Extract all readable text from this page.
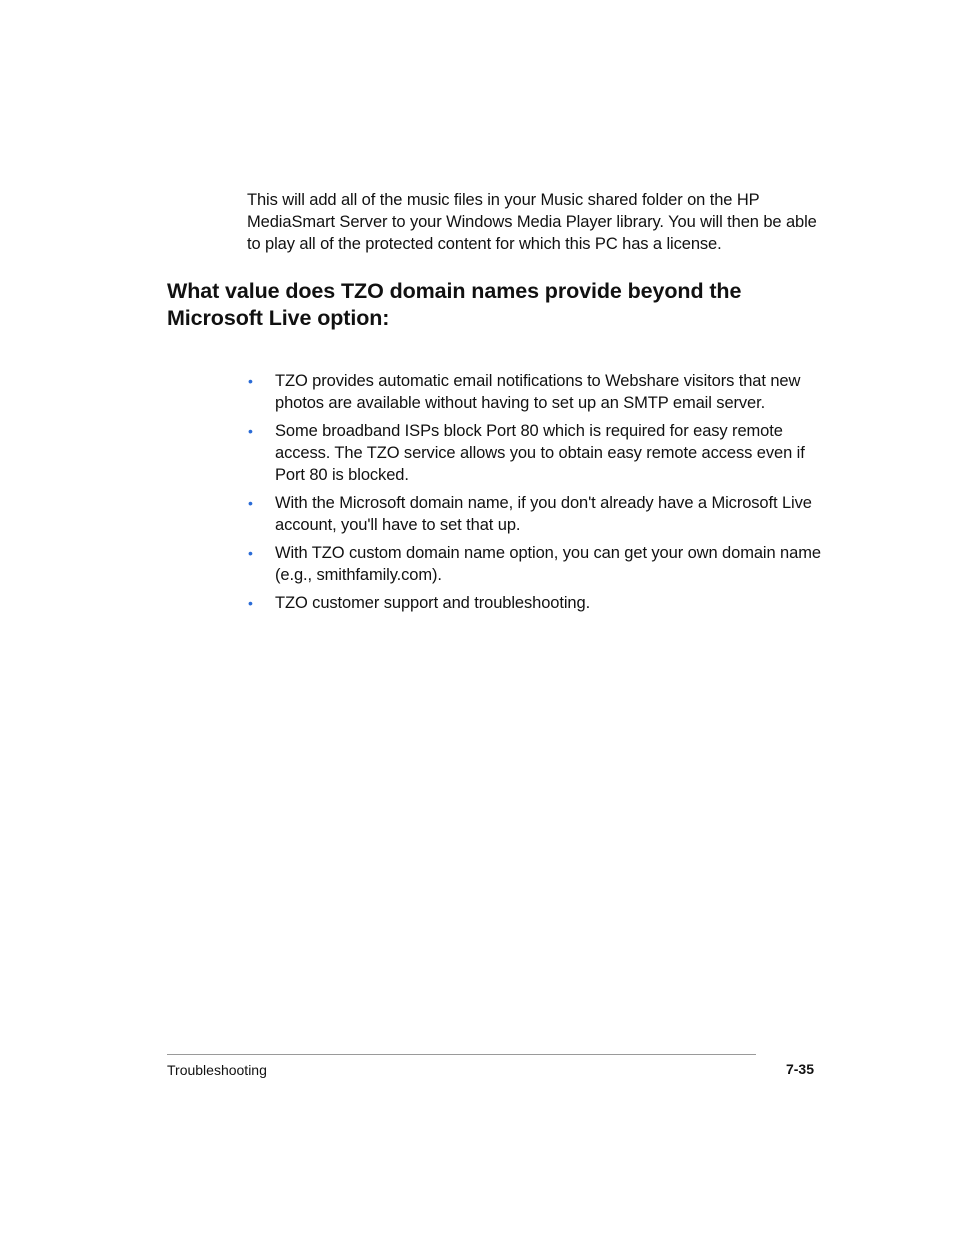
This will add all of the music files in your Music shared folder on the HP MediaSmart Server to your Windows Media Player library. You will then be able to play all of the protected content for which this PC has a license.

What value does TZO domain names provide beyond the Microsoft Live option:
• TZO provides automatic email notifications to Webshare visitors that new photos are available without having to set up an SMTP email server.
• Some broadband ISPs block Port 80 which is required for easy remote access. The TZO service allows you to obtain easy remote access even if Port 80 is blocked.
• With the Microsoft domain name, if you don't already have a Microsoft Live account, you'll have to set that up.
• With TZO custom domain name option, you can get your own domain name (e.g., smithfamily.com).
• TZO customer support and troubleshooting.
Troubleshooting	7-35
